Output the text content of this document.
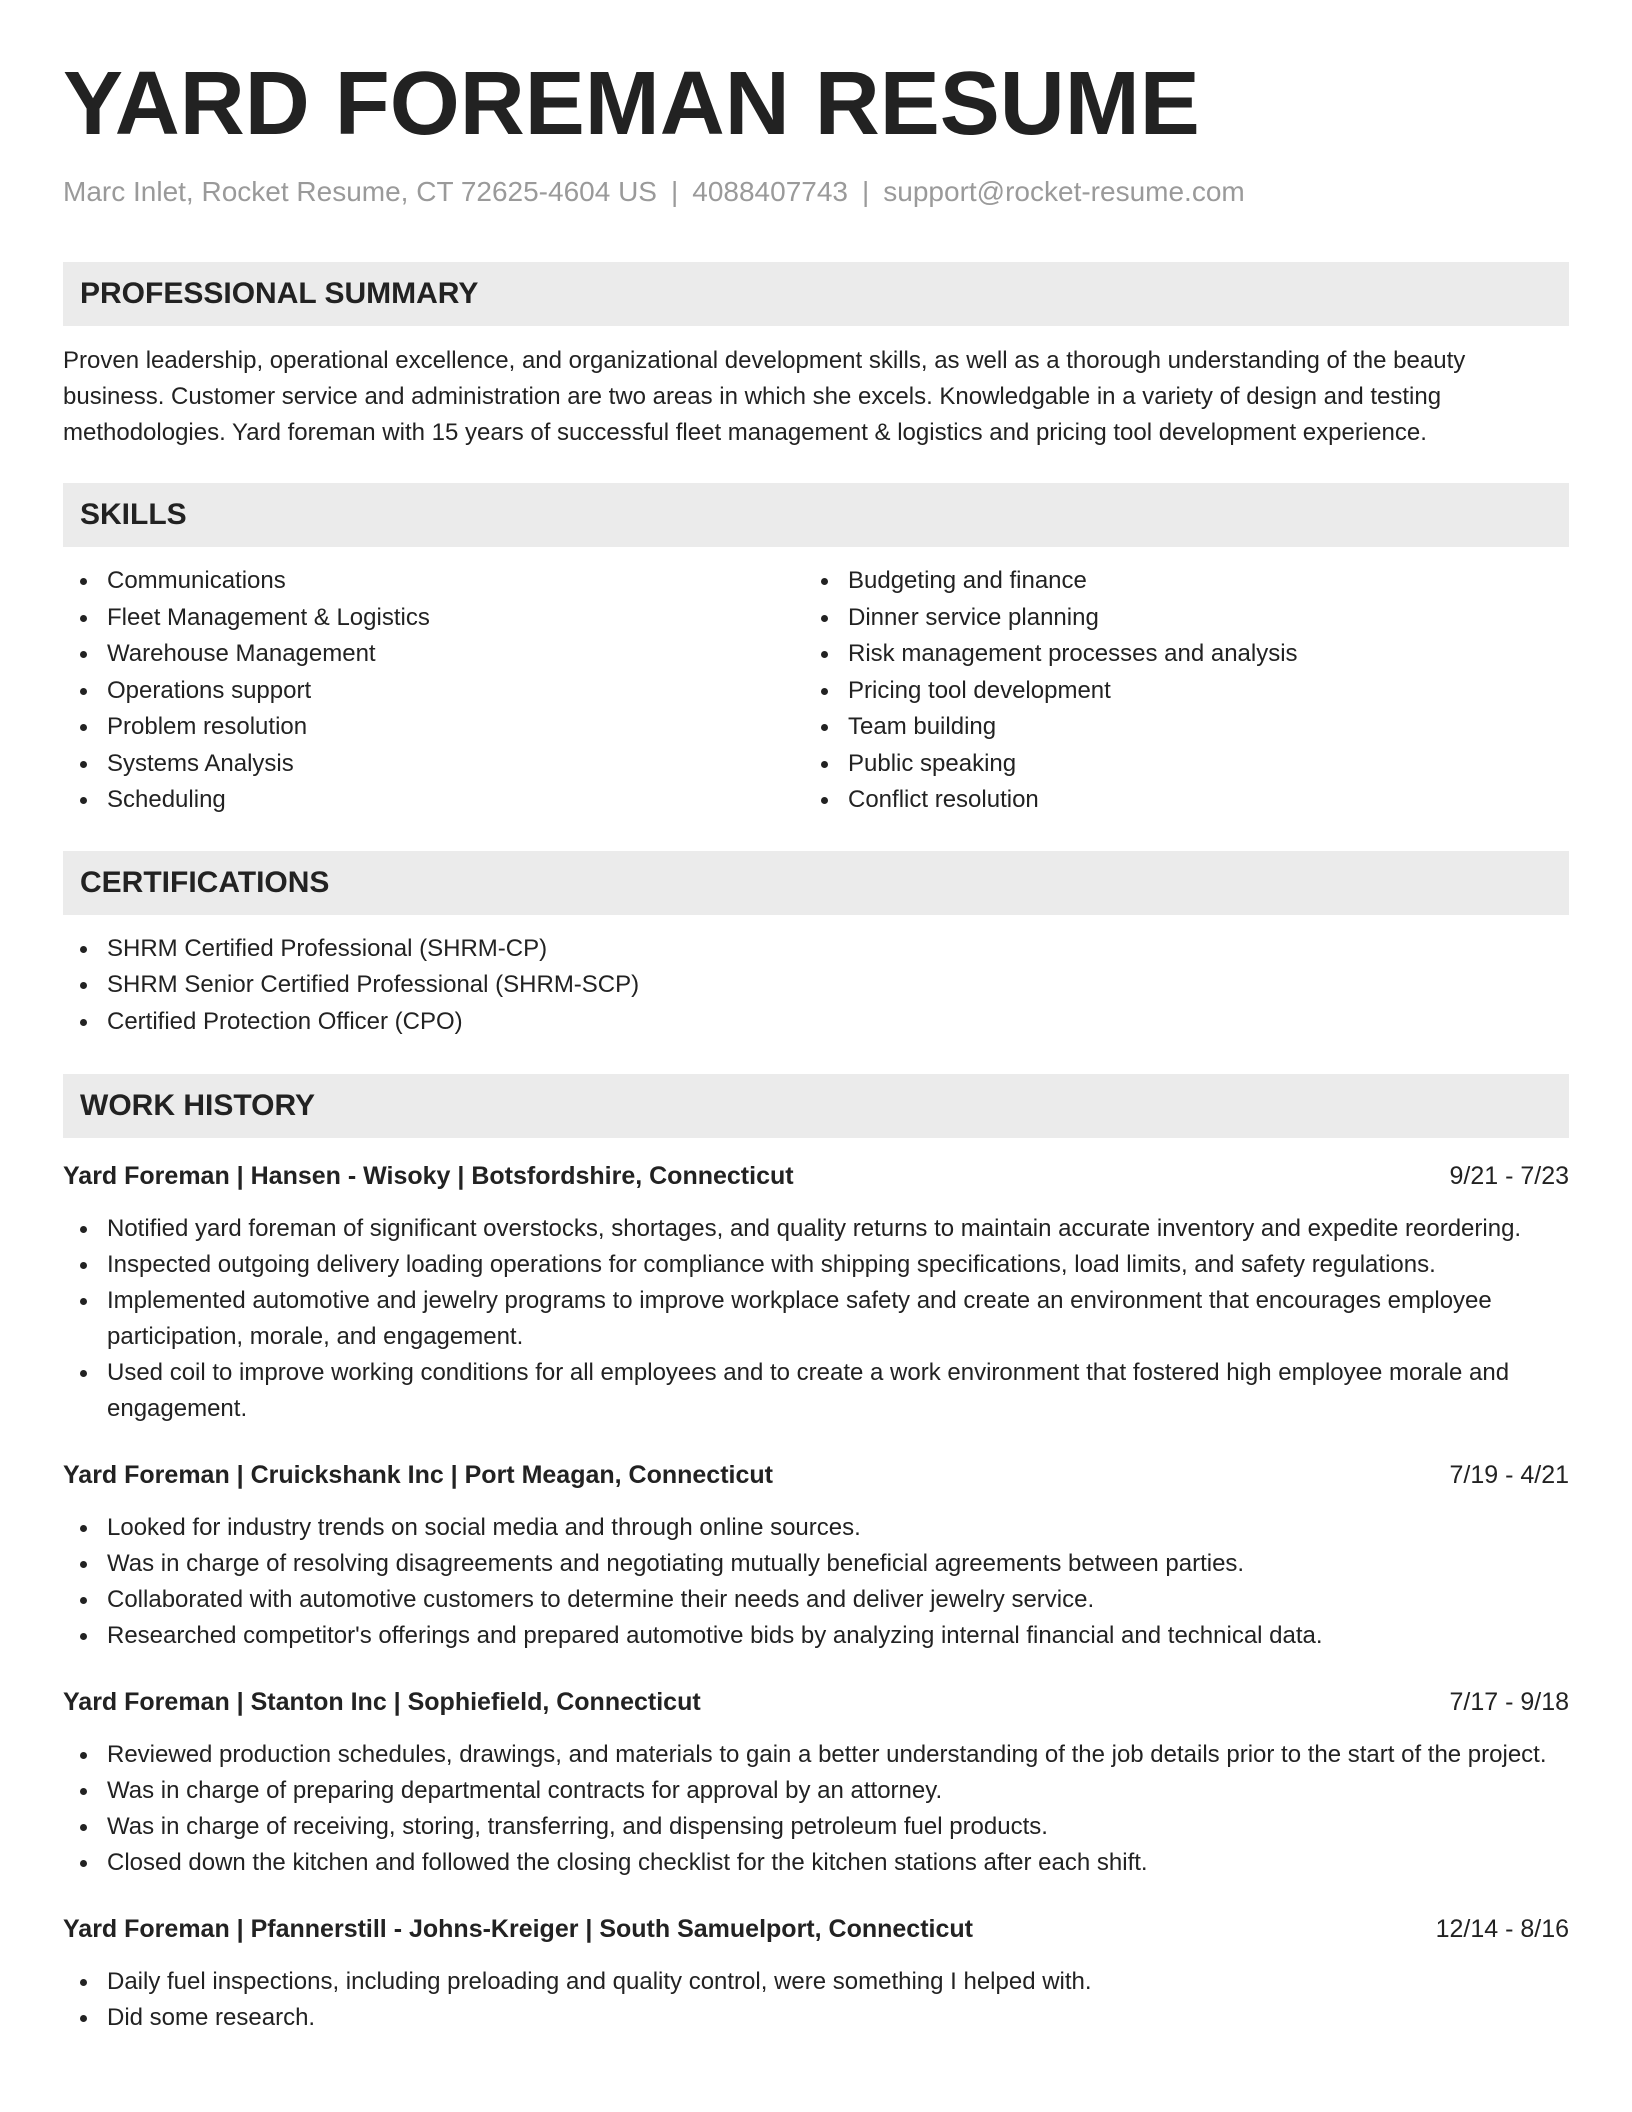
YARD FOREMAN RESUME
Marc Inlet, Rocket Resume, CT 72625-4604 US | 4088407743 | support@rocket-resume.com
PROFESSIONAL SUMMARY

Proven leadership, operational excellence, and organizational development skills, as well as a thorough understanding of the beauty business. Customer service and administration are two areas in which she excels. Knowledgable in a variety of design and testing methodologies. Yard foreman with 15 years of successful fleet management & logistics and pricing tool development experience.

SKILLS
Communications
Fleet Management & Logistics
Warehouse Management
Operations support
Problem resolution
Systems Analysis
Scheduling
Budgeting and finance
Dinner service planning
Risk management processes and analysis
Pricing tool development
Team building
Public speaking
Conflict resolution
CERTIFICATIONS
SHRM Certified Professional (SHRM-CP)
SHRM Senior Certified Professional (SHRM-SCP)
Certified Protection Officer (CPO)
WORK HISTORY
Yard Foreman | Hansen - Wisoky | Botsfordshire, Connecticut	9/21 - 7/23
Notified yard foreman of significant overstocks, shortages, and quality returns to maintain accurate inventory and expedite reordering.
Inspected outgoing delivery loading operations for compliance with shipping specifications, load limits, and safety regulations.
Implemented automotive and jewelry programs to improve workplace safety and create an environment that encourages employee participation, morale, and engagement.
Used coil to improve working conditions for all employees and to create a work environment that fostered high employee morale and engagement.
Yard Foreman | Cruickshank Inc | Port Meagan, Connecticut	7/19 - 4/21
Looked for industry trends on social media and through online sources.
Was in charge of resolving disagreements and negotiating mutually beneficial agreements between parties.
Collaborated with automotive customers to determine their needs and deliver jewelry service.
Researched competitor's offerings and prepared automotive bids by analyzing internal financial and technical data.
Yard Foreman | Stanton Inc | Sophiefield, Connecticut	7/17 - 9/18
Reviewed production schedules, drawings, and materials to gain a better understanding of the job details prior to the start of the project.
Was in charge of preparing departmental contracts for approval by an attorney.
Was in charge of receiving, storing, transferring, and dispensing petroleum fuel products.
Closed down the kitchen and followed the closing checklist for the kitchen stations after each shift.
Yard Foreman | Pfannerstill - Johns-Kreiger | South Samuelport, Connecticut	12/14 - 8/16
Daily fuel inspections, including preloading and quality control, were something I helped with.
Did some research.
